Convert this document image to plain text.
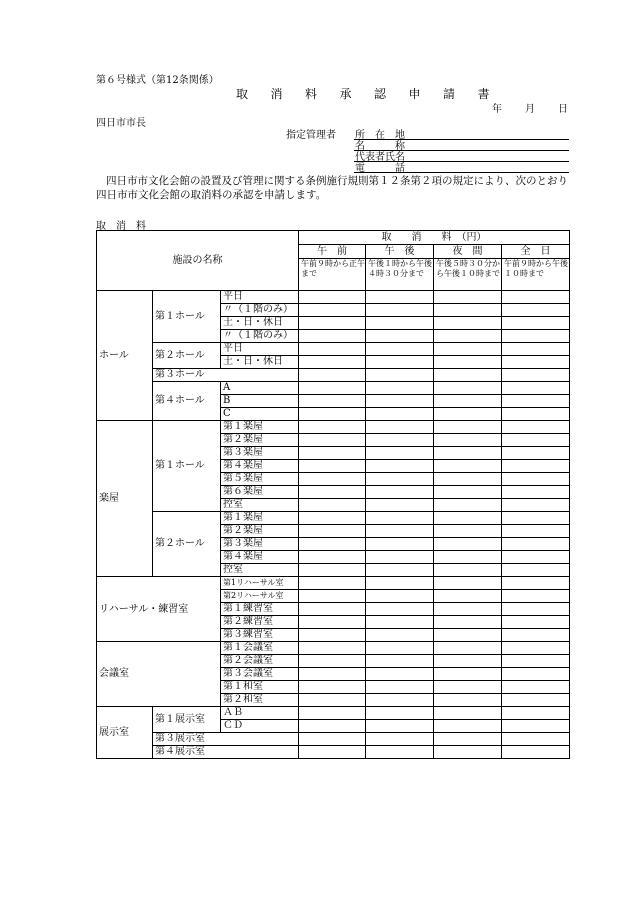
第６号様式（第12条関係）
取消料承認申請書
年　　月　　日
四日市市長
指定管理者 所　在　地
名　　　称
代表者氏名
電　　　話
四日市市文化会館の設置及び管理に関する条例施行規則第１２条第２項の規定により、次のとおり四日市市文化会館の取消料の承認を申請します。
取　消　料
施設の名称			取　　消　　料　（円）			
			午　前	午　後	夜　間	全　日
			午前９時から正午まで	午後１時から午後４時３０分まで	午後５時３０分から午後１０時まで	午前９時から午後１０時まで
ホール	第１ホール	平日				
		〃（１階のみ）				
		土・日・休日				
		〃（１階のみ）				
	第２ホール	平日				
		土・日・休日				
	第３ホール					
	第４ホール	A				
		B				
		C				
楽屋	第１ホール	第１楽屋				
		第２楽屋				
		第３楽屋				
		第４楽屋				
		第５楽屋				
		第６楽屋				
		控室				
	第２ホール	第１楽屋				
		第２楽屋				
		第３楽屋				
		第４楽屋				
		控室				
リハーサル・練習室		第1リハーサル室				
		第2リハーサル室				
		第１練習室				
		第２練習室				
		第３練習室				
会議室		第１会議室				
		第２会議室				
		第３会議室				
		第１和室				
		第２和室				
展示室	第１展示室	ＡＢ				
		ＣＤ				
	第３展示室					
	第４展示室					
